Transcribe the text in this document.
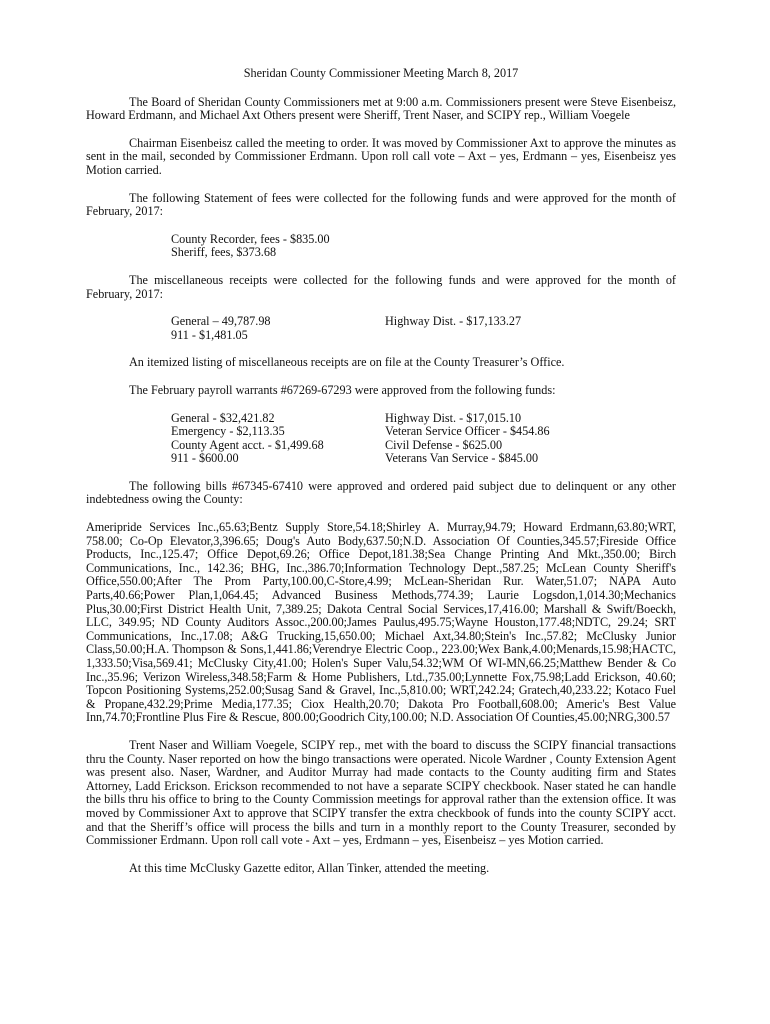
Sheridan County Commissioner Meeting March 8, 2017

The Board of Sheridan County Commissioners met at 9:00 a.m. Commissioners present were Steve Eisenbeisz, Howard Erdmann, and Michael Axt Others present were Sheriff, Trent Naser, and SCIPY rep., William Voegele

Chairman Eisenbeisz called the meeting to order. It was moved by Commissioner Axt to approve the minutes as sent in the mail, seconded by Commissioner Erdmann. Upon roll call vote – Axt – yes, Erdmann – yes, Eisenbeisz yes Motion carried.

The following Statement of fees were collected for the following funds and were approved for the month of February, 2017:

County Recorder, fees - $835.00
Sheriff, fees, $373.68

The miscellaneous receipts were collected for the following funds and were approved for the month of February, 2017:

General – 49,787.98	Highway Dist. - $17,133.27
911 - $1,481.05

An itemized listing of miscellaneous receipts are on file at the County Treasurer’s Office.

The February payroll warrants #67269-67293 were approved from the following funds:

General - $32,421.82	Highway Dist. - $17,015.10
Emergency - $2,113.35	Veteran Service Officer - $454.86
County Agent acct. - $1,499.68	Civil Defense - $625.00
911 - $600.00	Veterans Van Service - $845.00

The following bills #67345-67410 were approved and ordered paid subject due to delinquent or any other indebtedness owing the County:

Ameripride Services Inc.,65.63;Bentz Supply Store,54.18;Shirley A. Murray,94.79; Howard Erdmann,63.80;WRT, 758.00; Co-Op Elevator,3,396.65; Doug's Auto Body,637.50;N.D. Association Of Counties,345.57;Fireside Office Products, Inc.,125.47; Office Depot,69.26; Office Depot,181.38;Sea Change Printing And Mkt.,350.00; Birch Communications, Inc., 142.36; BHG, Inc.,386.70;Information Technology Dept.,587.25; McLean County Sheriff's Office,550.00;After The Prom Party,100.00,C-Store,4.99; McLean-Sheridan Rur. Water,51.07; NAPA Auto Parts,40.66;Power Plan,1,064.45; Advanced Business Methods,774.39; Laurie Logsdon,1,014.30;Mechanics Plus,30.00;First District Health Unit, 7,389.25; Dakota Central Social Services,17,416.00; Marshall & Swift/Boeckh, LLC, 349.95; ND County Auditors Assoc.,200.00;James Paulus,495.75;Wayne Houston,177.48;NDTC, 29.24; SRT Communications, Inc.,17.08; A&G Trucking,15,650.00; Michael Axt,34.80;Stein's Inc.,57.82; McClusky Junior Class,50.00;H.A. Thompson & Sons,1,441.86;Verendrye Electric Coop., 223.00;Wex Bank,4.00;Menards,15.98;HACTC, 1,333.50;Visa,569.41; McClusky City,41.00; Holen's Super Valu,54.32;WM Of WI-MN,66.25;Matthew Bender & Co Inc.,35.96; Verizon Wireless,348.58;Farm & Home Publishers, Ltd.,735.00;Lynnette Fox,75.98;Ladd Erickson, 40.60; Topcon Positioning Systems,252.00;Susag Sand & Gravel, Inc.,5,810.00; WRT,242.24; Gratech,40,233.22; Kotaco Fuel & Propane,432.29;Prime Media,177.35; Ciox Health,20.70; Dakota Pro Football,608.00; Americ's Best Value Inn,74.70;Frontline Plus Fire & Rescue, 800.00;Goodrich City,100.00; N.D. Association Of Counties,45.00;NRG,300.57

Trent Naser and William Voegele, SCIPY rep., met with the board to discuss the SCIPY financial transactions thru the County. Naser reported on how the bingo transactions were operated. Nicole Wardner , County Extension Agent was present also. Naser, Wardner, and Auditor Murray had made contacts to the County auditing firm and States Attorney, Ladd Erickson. Erickson recommended to not have a separate SCIPY checkbook. Naser stated he can handle the bills thru his office to bring to the County Commission meetings for approval rather than the extension office. It was moved by Commissioner Axt to approve that SCIPY transfer the extra checkbook of funds into the county SCIPY acct. and that the Sheriff’s office will process the bills and turn in a monthly report to the County Treasurer, seconded by Commissioner Erdmann. Upon roll call vote - Axt – yes, Erdmann – yes, Eisenbeisz – yes Motion carried.

At this time McClusky Gazette editor, Allan Tinker, attended the meeting.
